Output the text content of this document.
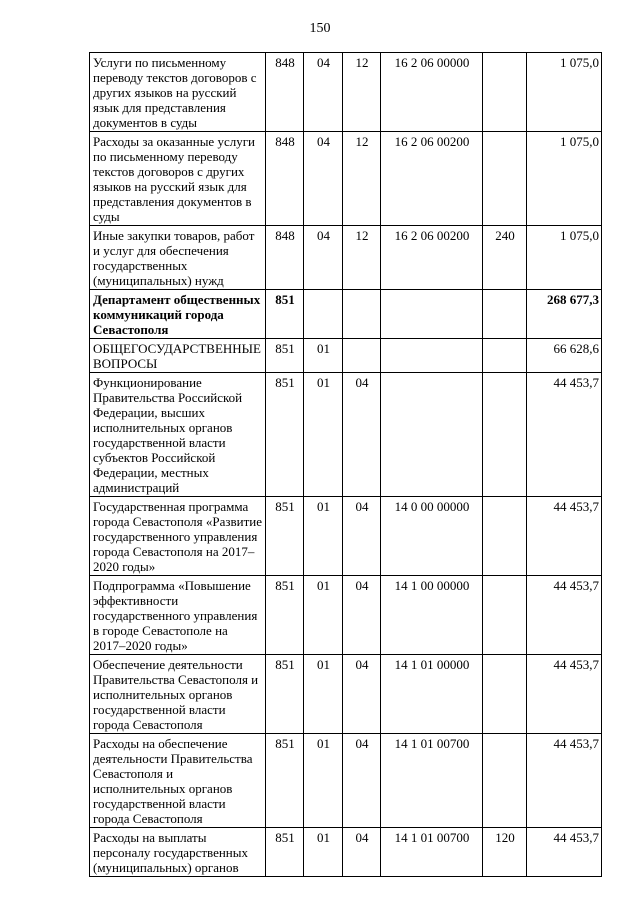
150
Услуги по письменному переводу текстов договоров с других языков на русский язык для представления документов в суды	848	04	12	16 2 06 00000		1 075,0
Расходы за оказанные услуги по письменному переводу текстов договоров с других языков на русский язык для представления документов в суды	848	04	12	16 2 06 00200		1 075,0
Иные закупки товаров, работ и услуг для обеспечения государственных (муниципальных) нужд	848	04	12	16 2 06 00200	240	1 075,0
Департамент общественных коммуникаций города Севастополя	851					268 677,3
ОБЩЕГОСУДАРСТВЕННЫЕ ВОПРОСЫ	851	01				66 628,6
Функционирование Правительства Российской Федерации, высших исполнительных органов государственной власти субъектов Российской Федерации, местных администраций	851	01	04			44 453,7
Государственная программа города Севастополя «Развитие государственного управления города Севастополя на 2017–2020 годы»	851	01	04	14 0 00 00000		44 453,7
Подпрограмма «Повышение эффективности государственного управления в городе Севастополе на 2017–2020 годы»	851	01	04	14 1 00 00000		44 453,7
Обеспечение деятельности Правительства Севастополя и исполнительных органов государственной власти города Севастополя	851	01	04	14 1 01 00000		44 453,7
Расходы на обеспечение деятельности Правительства Севастополя и исполнительных органов государственной власти города Севастополя	851	01	04	14 1 01 00700		44 453,7
Расходы на выплаты персоналу государственных (муниципальных) органов	851	01	04	14 1 01 00700	120	44 453,7
